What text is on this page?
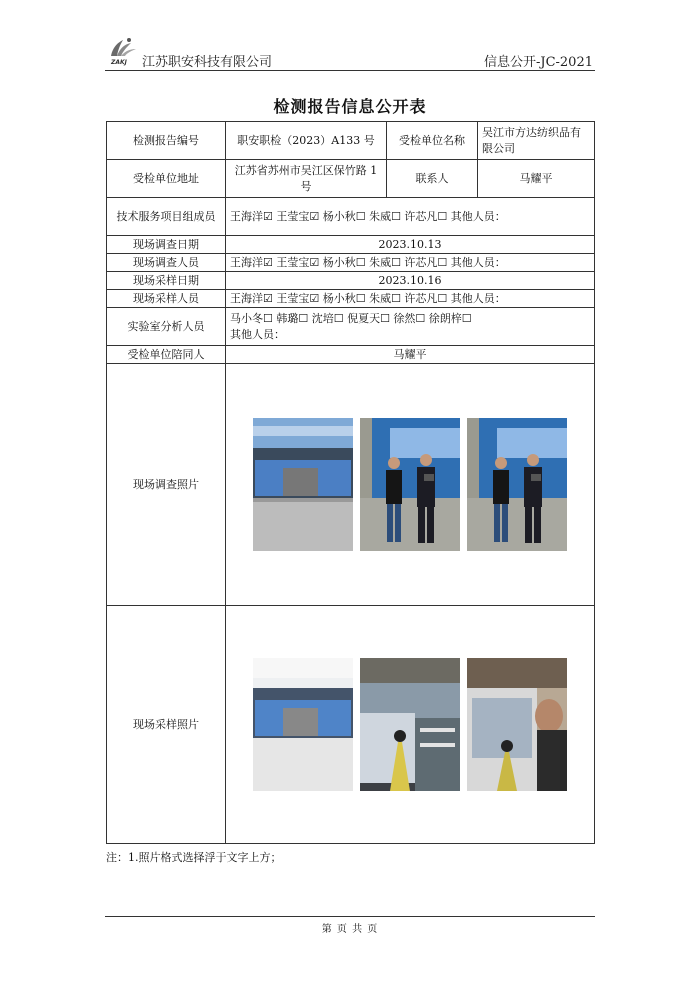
ZAKJ 江苏职安科技有限公司	信息公开-JC-2021
检测报告信息公开表
检测报告编号	职安职检（2023）A133 号	受检单位名称	吴江市方达纺织品有限公司
受检单位地址	江苏省苏州市吴江区保竹路 1 号	联系人	马耀平
技术服务项目组成员	王海洋☑ 王莹宝☑ 杨小秋☐ 朱威☐ 许芯凡☐ 其他人员：		
现场调查日期	2023.10.13		
现场调查人员	王海洋☑ 王莹宝☑ 杨小秋☐ 朱威☐ 许芯凡☐ 其他人员：		
现场采样日期	2023.10.16		
现场采样人员	王海洋☑ 王莹宝☑ 杨小秋☐ 朱威☐ 许芯凡☐ 其他人员：		
实验室分析人员	马小冬☐ 韩璐☐ 沈培☐ 倪夏天☐ 徐然☐ 徐朗梓☐
其他人员：		

受检单位陪同人	马耀平		
现场调查照片	

现场采样照片	
注：1.照片格式选择浮于文字上方；
第 页 共 页
